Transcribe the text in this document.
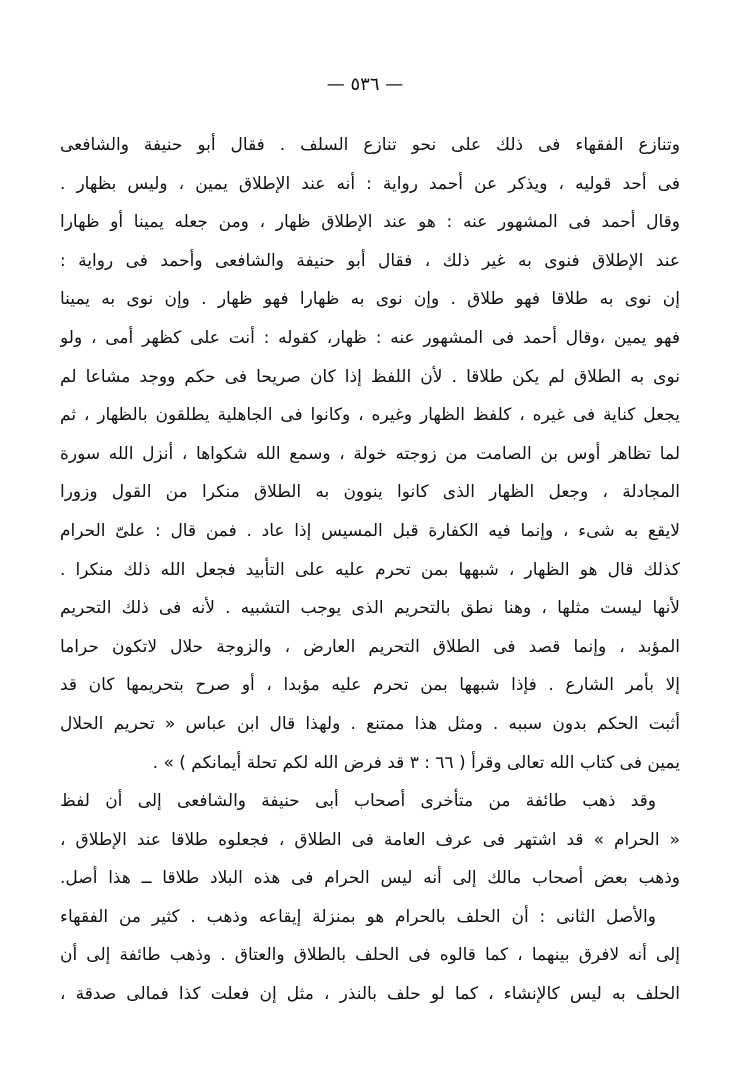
— ٥٣٦ —
وتنازع الفقهاء فى ذلك على نحو تنازع السلف . فقال أبو حنيفة والشافعى
فى أحد قوليه ، ويذكر عن أحمد رواية : أنه عند الإطلاق يمين ، وليس بظهار .
وقال أحمد فى المشهور عنه : هو عند الإطلاق ظهار ، ومن جعله يمينا أو ظهارا
عند الإطلاق فنوى به غير ذلك ، فقال أبو حنيفة والشافعى وأحمد فى رواية :
إن نوى به طلاقا فهو طلاق . وإن نوى به ظهارا فهو ظهار . وإن نوى به يمينا
فهو يمين ،وقال أحمد فى المشهور عنه : ظهار، كقوله : أنت على كظهر أمى ، ولو
نوى به الطلاق لم يكن طلاقا . لأن اللفظ إذا كان صريحا فى حكم ووجد مشاعا لم
يجعل كناية فى غيره ، كلفظ الظهار وغيره ، وكانوا فى الجاهلية يطلقون بالظهار ، ثم
لما تظاهر أوس بن الصامت من زوجته خولة ، وسمع الله شكواها ، أنزل الله سورة
المجادلة ، وجعل الظهار الذى كانوا ينوون به الطلاق منكرا من القول وزورا
لايقع به شىء ، وإنما فيه الكفارة قبل المسيس إذا عاد . فمن قال : علىّ الحرام
كذلك قال هو الظهار ، شبهها بمن تحرم عليه على التأبيد فجعل الله ذلك منكرا .
لأنها ليست مثلها ، وهنا نطق بالتحريم الذى يوجب التشبيه . لأنه فى ذلك التحريم
المؤبد ، وإنما قصد فى الطلاق التحريم العارض ، والزوجة حلال لاتكون حراما
إلا بأمر الشارع . فإذا شبهها بمن تحرم عليه مؤبدا ، أو صرح بتحريمها كان قد
أثبت الحكم بدون سببه . ومثل هذا ممتنع . ولهذا قال ابن عباس « تحريم الحلال
يمين فى كتاب الله تعالى وقرأ ( ٦٦ : ٣ قد فرض الله لكم تحلة أيمانكم ) » .
وقد ذهب طائفة من متأخرى أصحاب أبى حنيفة والشافعى إلى أن لفظ
« الحرام » قد اشتهر فى عرف العامة فى الطلاق ، فجعلوه طلاقا عند الإطلاق ،
وذهب بعض أصحاب مالك إلى أنه ليس الحرام فى هذه البلاد طلاقا ــ هذا أصل.
والأصل الثانى : أن الحلف بالحرام هو بمنزلة إيقاعه وذهب . كثير من الفقهاء
إلى أنه لافرق بينهما ، كما قالوه فى الحلف بالطلاق والعتاق . وذهب طائفة إلى أن
الحلف به ليس كالإنشاء ، كما لو حلف بالنذر ، مثل إن فعلت كذا فمالى صدقة ،
